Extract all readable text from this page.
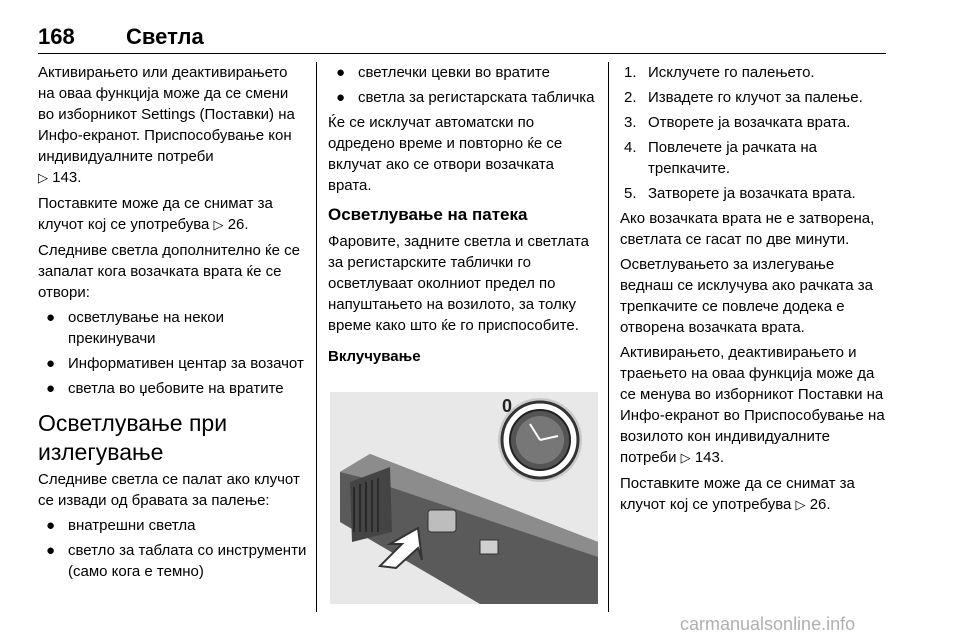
168 Светла

Активирањето или деактивирањето на оваа функција може да се смени во изборникот Settings (Поставки) на Инфо-екранот. Приспособување кон индивидуалните потреби
▷ 143.

Поставките може да се снимат за клучот кој се употребува ▷ 26.

Следниве светла дополнително ќе се запалат кога возачката врата ќе се отвори:

● осветлување на некои прекинувачи
● Информативен центар за возачот
● светла во џебовите на вратите
Осветлување при излегување

Следниве светла се палат ако клучот се извади од бравата за палење:

● внатрешни светла
● светло за таблата со инструменти (само кога е темно)
● светлечки цевки во вратите
● светла за регистарската табличка

Ќе се исклучат автоматски по одредено време и повторно ќе се вклучат ако се отвори возачката врата.

Осветлување на патека

Фаровите, задните светла и светлата за регистарските таблички го осветлуваат околниот предел по напуштањето на возилото, за толку време како што ќе го приспособите.

Вклучување
0
1. Исклучете го палењето.
2. Извадете го клучот за палење.
3. Отворете ја возачката врата.
4. Повлечете ја рачката на трепкачите.
5. Затворете ја возачката врата.

Ако возачката врата не е затворена, светлата се гасат по две минути.

Осветлувањето за излегување веднаш се исклучува ако рачката за трепкачите се повлече додека е отворена возачката врата.

Активирањето, деактивирањето и траењето на оваа функција може да се менува во изборникот Поставки на Инфо-екранот во Приспособување на возилото кон индивидуалните потреби ▷ 143.

Поставките може да се снимат за клучот кој се употребува ▷ 26.

carmanualsonline.info
